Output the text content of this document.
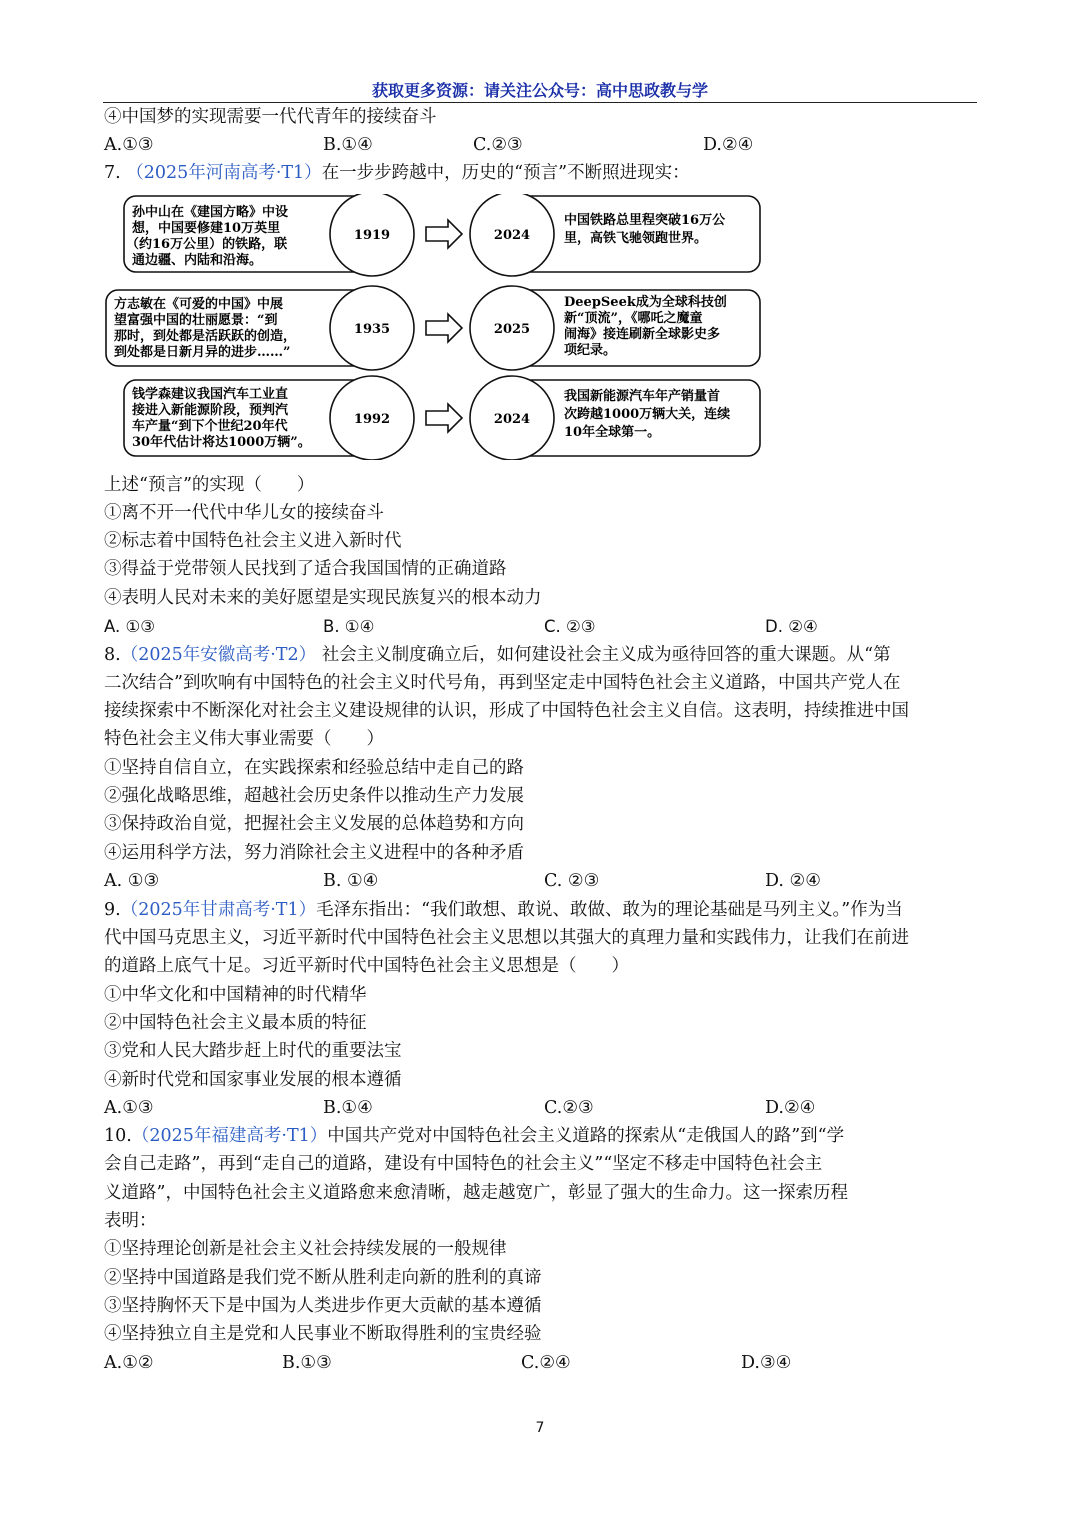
获取更多资源：请关注公众号：高中思政教与学
④中国梦的实现需要一代代青年的接续奋斗
A.①③	B.①④	C.②③	D.②④
7. （2025年河南高考·T1）在一步步跨越中，历史的“预言”不断照进现实：
孙中山在《建国方略》中设
想，中国要修建10万英里
（约16万公里）的铁路，联
通边疆、内陆和沿海。
1919	2024
中国铁路总里程突破16万公
里，高铁飞驰领跑世界。
方志敏在《可爱的中国》中展
望富强中国的壮丽愿景：“到
那时，到处都是活跃跃的创造，
到处都是日新月异的进步……”
1935	2025
DeepSeek成为全球科技创
新“顶流”，《哪吒之魔童
闹海》接连刷新全球影史多
项纪录。
钱学森建议我国汽车工业直
接进入新能源阶段，预判汽
车产量“到下个世纪20年代
30年代估计将达1000万辆”。
1992	2024
我国新能源汽车年产销量首
次跨越1000万辆大关，连续
10年全球第一。
上述“预言”的实现（　　）
①离不开一代代中华儿女的接续奋斗
②标志着中国特色社会主义进入新时代
③得益于党带领人民找到了适合我国国情的正确道路
④表明人民对未来的美好愿望是实现民族复兴的根本动力
A. ①③	B. ①④	C. ②③	D. ②④
8.（2025年安徽高考·T2） 社会主义制度确立后，如何建设社会主义成为亟待回答的重大课题。从“第
二次结合”到吹响有中国特色的社会主义时代号角，再到坚定走中国特色社会主义道路，中国共产党人在
接续探索中不断深化对社会主义建设规律的认识，形成了中国特色社会主义自信。这表明，持续推进中国
特色社会主义伟大事业需要（　　）
①坚持自信自立，在实践探索和经验总结中走自己的路
②强化战略思维，超越社会历史条件以推动生产力发展
③保持政治自觉，把握社会主义发展的总体趋势和方向
④运用科学方法，努力消除社会主义进程中的各种矛盾
A. ①③	B. ①④	C. ②③	D. ②④
9.（2025年甘肃高考·T1）毛泽东指出：“我们敢想、敢说、敢做、敢为的理论基础是马列主义。”作为当
代中国马克思主义，习近平新时代中国特色社会主义思想以其强大的真理力量和实践伟力，让我们在前进
的道路上底气十足。习近平新时代中国特色社会主义思想是（　　）
①中华文化和中国精神的时代精华
②中国特色社会主义最本质的特征
③党和人民大踏步赶上时代的重要法宝
④新时代党和国家事业发展的根本遵循
A.①③	B.①④	C.②③	D.②④
10.（2025年福建高考·T1）中国共产党对中国特色社会主义道路的探索从“走俄国人的路”到“学
会自己走路”，再到“走自己的道路，建设有中国特色的社会主义”“坚定不移走中国特色社会主
义道路”，中国特色社会主义道路愈来愈清晰，越走越宽广，彰显了强大的生命力。这一探索历程
表明：
①坚持理论创新是社会主义社会持续发展的一般规律
②坚持中国道路是我们党不断从胜利走向新的胜利的真谛
③坚持胸怀天下是中国为人类进步作更大贡献的基本遵循
④坚持独立自主是党和人民事业不断取得胜利的宝贵经验
A.①②	B.①③	C.②④	D.③④
7
